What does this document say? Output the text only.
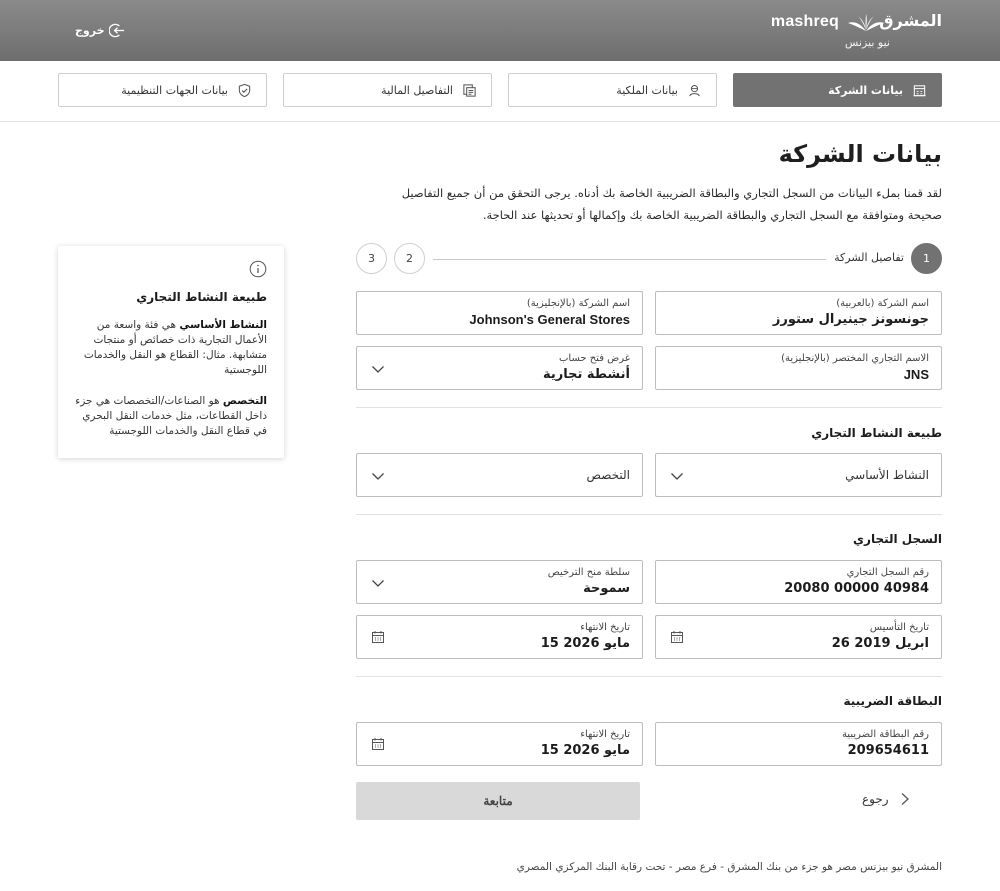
mashreq	المشرق
نيو بيزنس
خروج
بيانات الشركة
بيانات الملكية
التفاصيل المالية
بيانات الجهات التنظيمية
بيانات الشركة
لقد قمنا بملء البيانات من السجل التجاري والبطاقة الضريبية الخاصة بك أدناه. يرجى التحقق من أن جميع التفاصيل صحيحة ومتوافقة مع السجل التجاري والبطاقة الضريبية الخاصة بك وإكمالها أو تحديثها عند الحاجة.
1
تفاصيل الشركة
2
3
اسم الشركة (بالعربية)
جونسونز جينيرال ستورز
اسم الشركة (بالإنجليزية)
Johnson's General Stores
الاسم التجاري المختصر (بالإنجليزية)
JNS
غرض فتح حساب
أنشطة تجارية
طبيعة النشاط التجاري
النشاط الأساسي
التخصص
السجل التجاري
رقم السجل التجاري
20080 00000 40984
سلطة منح الترخيص
سموحة
تاريخ التأسيس
26 ابريل 2019
تاريخ الانتهاء
15 مايو 2026
البطاقة الضريبية
رقم البطاقة الضريبية
209654611
تاريخ الانتهاء
15 مايو 2026
متابعة	رجوع
المشرق نيو بيزنس مصر هو جزء من بنك المشرق - فرع مصر - تحت رقابة البنك المركزي المصري
طبيعة النشاط التجاري
النشاط الأساسي هي فئة واسعة من الأعمال التجارية ذات خصائص أو منتجات متشابهة. مثال: القطاع هو النقل والخدمات اللوجستية
التخصص هو الصناعات/التخصصات هي جزء داخل القطاعات، مثل خدمات النقل البحري في قطاع النقل والخدمات اللوجستية
